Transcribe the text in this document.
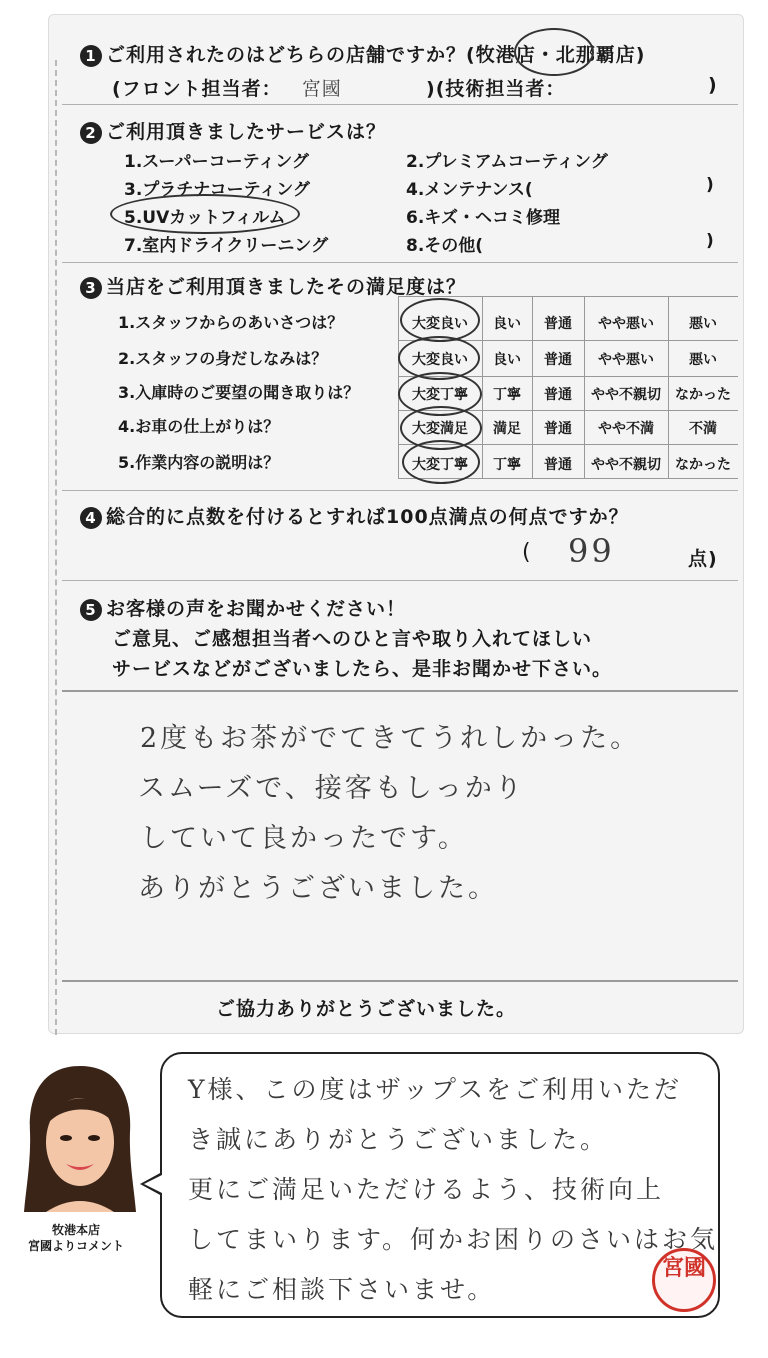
1 ご利用されたのはどちらの店舗ですか？(牧港店・北那覇店)
(フロント担当者： 宮國	)(技術担当者：	)
2 ご利用頂きましたサービスは？
1.スーパーコーティング	2.プレミアムコーティング
3.プラチナコーティング	4.メンテナンス(	)
5.UVカットフィルム	6.キズ・ヘコミ修理
7.室内ドライクリーニング	8.その他(	)
3 当店をご利用頂きましたその満足度は？
1.スタッフからのあいさつは？	大変良い	良い	普通	やや悪い	悪い
2.スタッフの身だしなみは？	大変良い	良い	普通	やや悪い	悪い
3.入庫時のご要望の聞き取りは？	大変丁寧	丁寧	普通	やや不親切	なかった
4.お車の仕上がりは？	大変満足	満足	普通	やや不満	不満
5.作業内容の説明は？	大変丁寧	丁寧	普通	やや不親切	なかった
4 総合的に点数を付けるとすれば100点満点の何点ですか？
( 99	点)
5 お客様の声をお聞かせください！
ご意見、ご感想担当者へのひと言や取り入れてほしい
サービスなどがございましたら、是非お聞かせ下さい。
2度もお茶がでてきてうれしかった。
スムーズで、接客もしっかり
していて良かったです。
ありがとうございました。
ご協力ありがとうございました。
牧港本店
宮國よりコメント
Y様、この度はザップスをご利用いただ
き誠にありがとうございました。
更にご満足いただけるよう、技術向上
してまいります。何かお困りのさいはお気
軽にご相談下さいませ。
宮國
